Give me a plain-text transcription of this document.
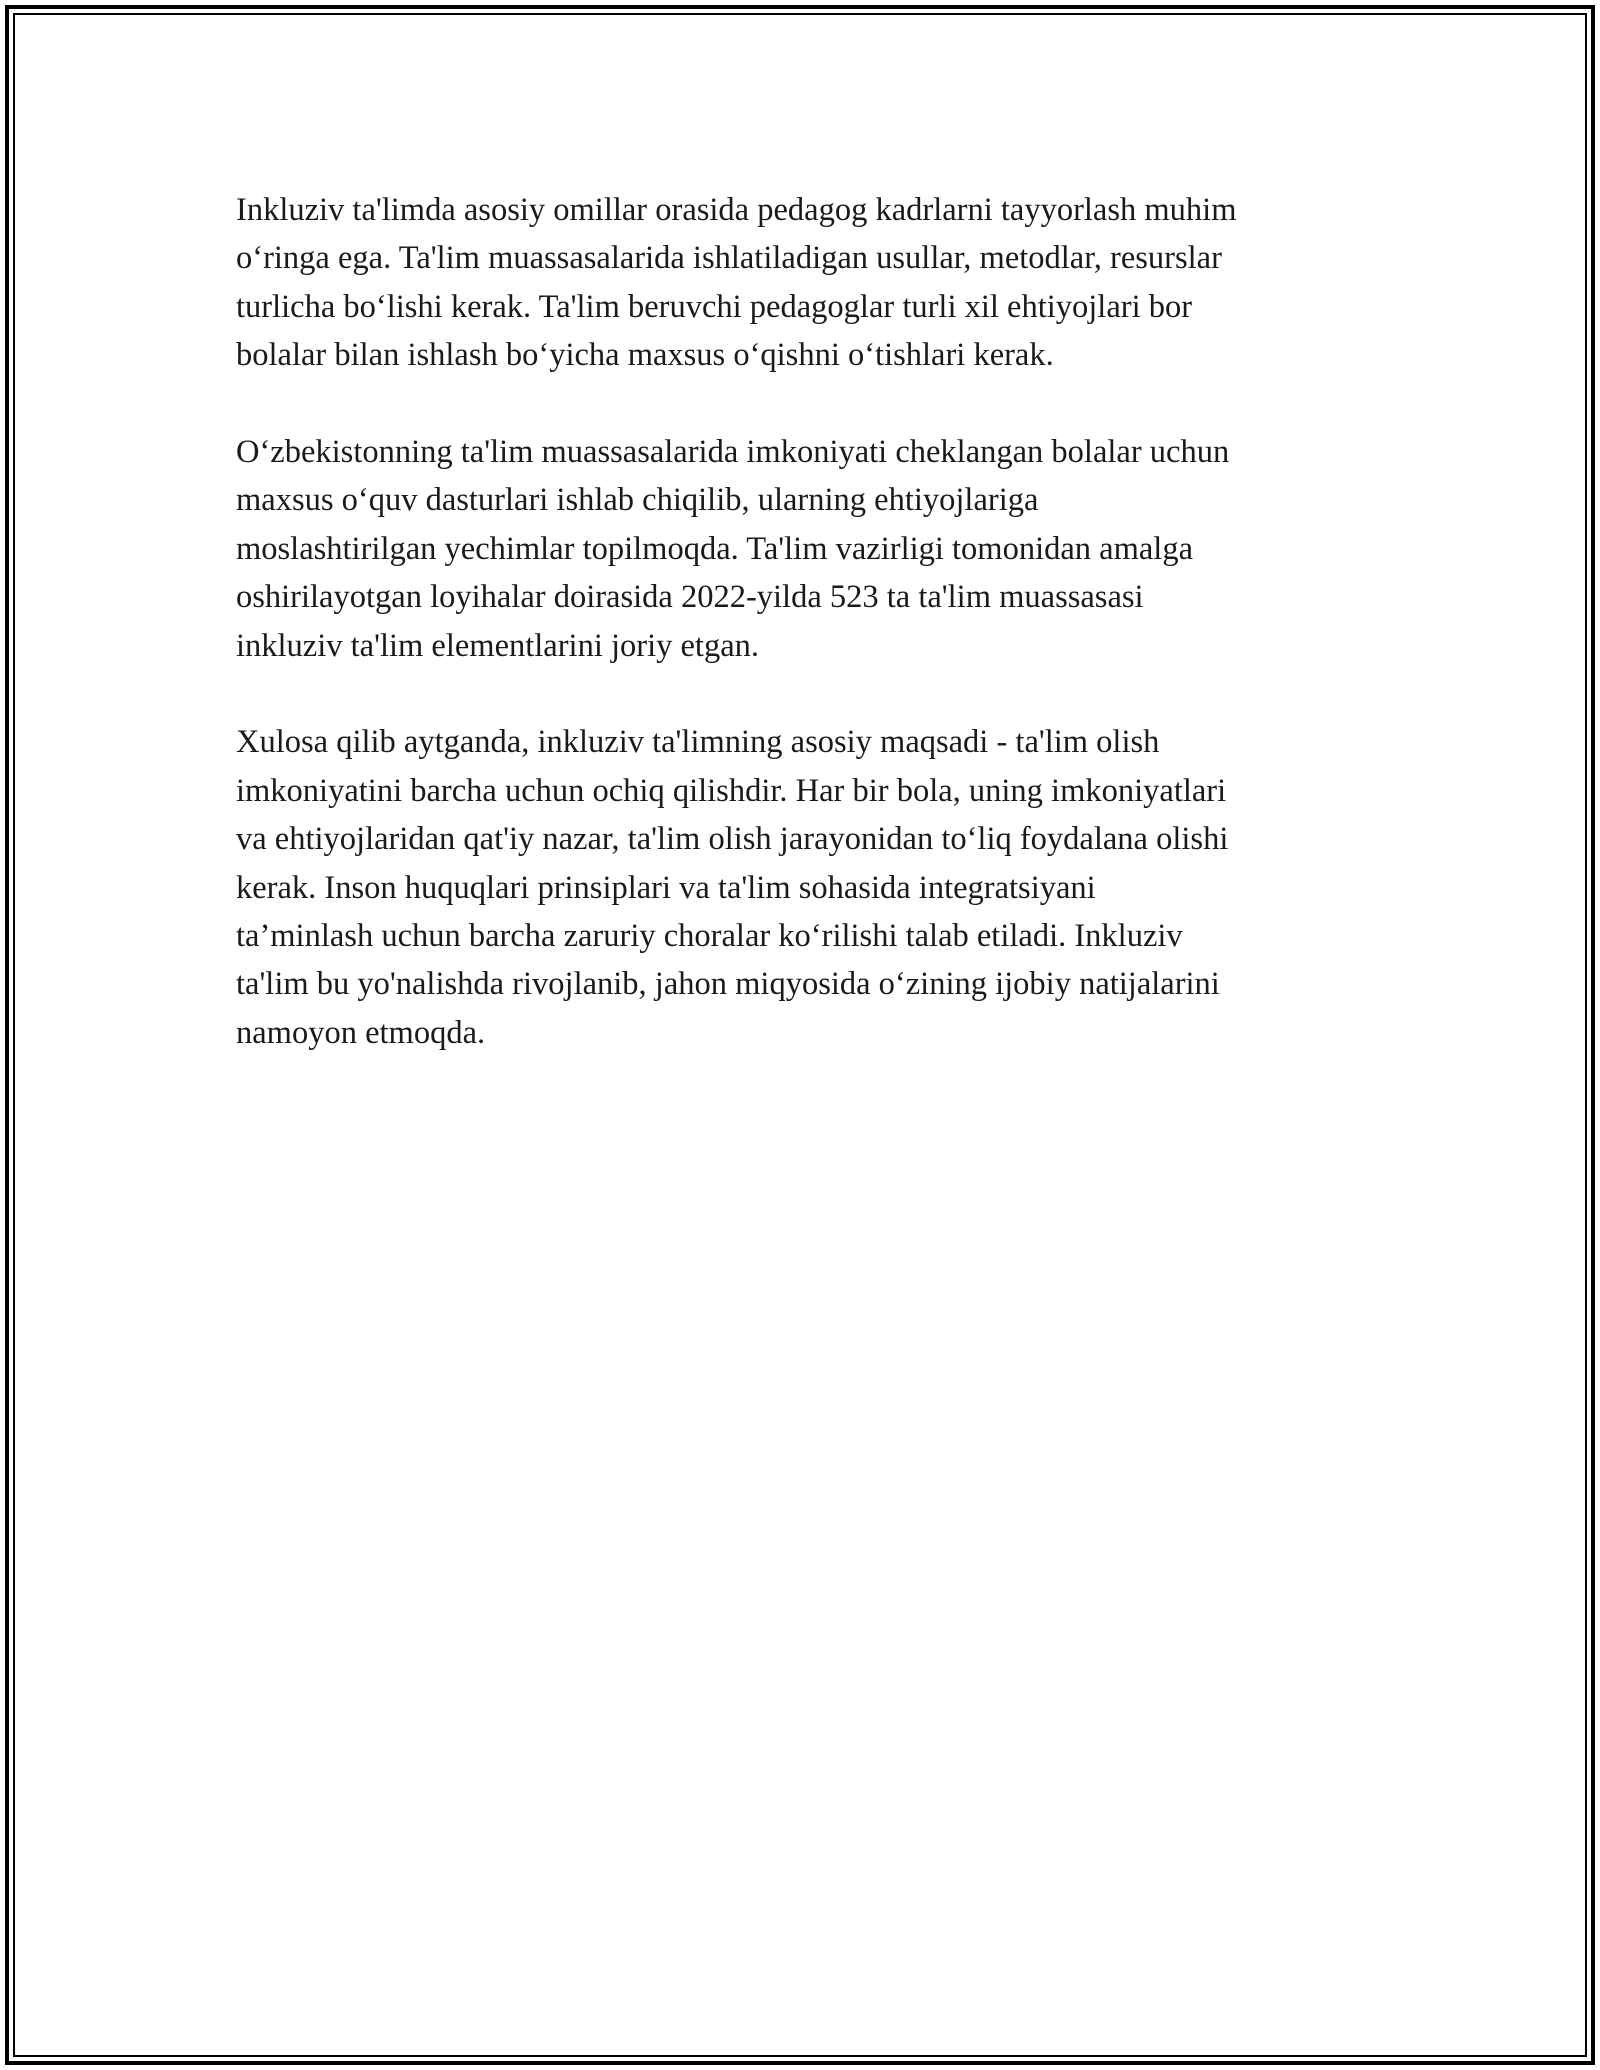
Inkluziv ta'limda asosiy omillar orasida pedagog kadrlarni tayyorlash muhim
o‘ringa ega. Ta'lim muassasalarida ishlatiladigan usullar, metodlar, resurslar
turlicha bo‘lishi kerak. Ta'lim beruvchi pedagoglar turli xil ehtiyojlari bor
bolalar bilan ishlash bo‘yicha maxsus o‘qishni o‘tishlari kerak.

O‘zbekistonning ta'lim muassasalarida imkoniyati cheklangan bolalar uchun
maxsus o‘quv dasturlari ishlab chiqilib, ularning ehtiyojlariga
moslashtirilgan yechimlar topilmoqda. Ta'lim vazirligi tomonidan amalga
oshirilayotgan loyihalar doirasida 2022-yilda 523 ta ta'lim muassasasi
inkluziv ta'lim elementlarini joriy etgan.

Xulosa qilib aytganda, inkluziv ta'limning asosiy maqsadi - ta'lim olish
imkoniyatini barcha uchun ochiq qilishdir. Har bir bola, uning imkoniyatlari
va ehtiyojlaridan qat'iy nazar, ta'lim olish jarayonidan to‘liq foydalana olishi
kerak. Inson huquqlari prinsiplari va ta'lim sohasida integratsiyani
ta’minlash uchun barcha zaruriy choralar ko‘rilishi talab etiladi. Inkluziv
ta'lim bu yo'nalishda rivojlanib, jahon miqyosida o‘zining ijobiy natijalarini
namoyon etmoqda.
